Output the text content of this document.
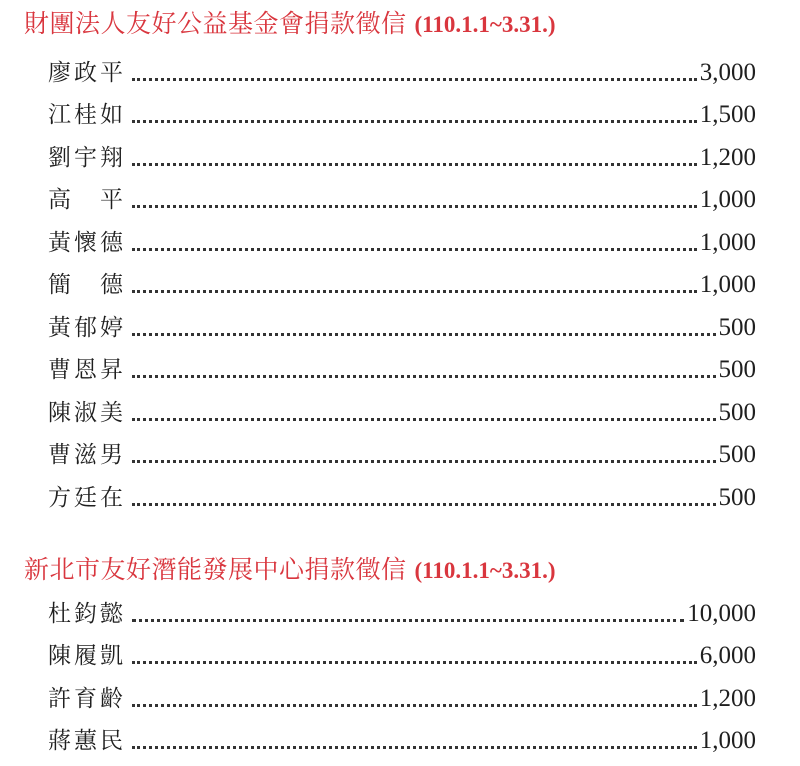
財團法人友好公益基金會捐款徵信 (110.1.1~3.31.)
廖政平	3,000
江桂如	1,500
劉宇翔	1,200
高　平	1,000
黃懷德	1,000
簡　德	1,000
黃郁婷	500
曹恩昇	500
陳淑美	500
曹滋男	500
方廷在	500
新北市友好潛能發展中心捐款徵信 (110.1.1~3.31.)
杜鈞懿	10,000
陳履凱	6,000
許育齡	1,200
蔣蕙民	1,000
